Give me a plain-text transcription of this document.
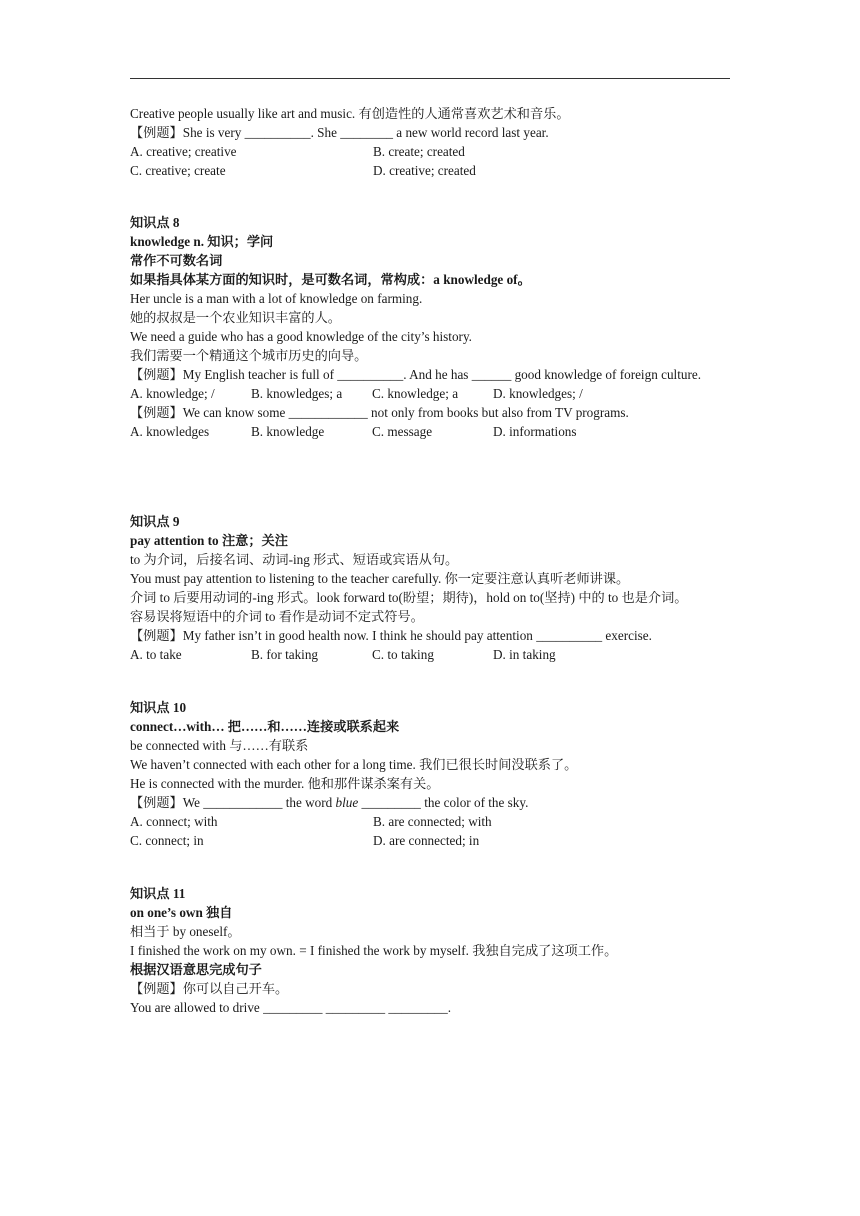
Creative people usually like art and music. 有创造性的人通常喜欢艺术和音乐。
【例题】She is very __________. She ________ a new world record last year.
A. creative; creative	B. create; created
C. creative; create	D. creative; created
知识点 8
knowledge n. 知识；学问
常作不可数名词
如果指具体某方面的知识时，是可数名词，常构成：a knowledge of。
Her uncle is a man with a lot of knowledge on farming.
她的叔叔是一个农业知识丰富的人。
We need a guide who has a good knowledge of the city’s history.
我们需要一个精通这个城市历史的向导。
【例题】My English teacher is full of __________. And he has ______ good knowledge of foreign culture.
A. knowledge; /	B. knowledges; a	C. knowledge; a	D. knowledges; /
【例题】We can know some ____________ not only from books but also from TV programs.
A. knowledges	B. knowledge	C. message	D. informations
知识点 9
pay attention to 注意；关注
to 为介词，后接名词、动词-ing 形式、短语或宾语从句。
You must pay attention to listening to the teacher carefully. 你一定要注意认真听老师讲课。
介词 to 后要用动词的-ing 形式。look forward to(盼望；期待)，hold on to(坚持) 中的 to 也是介词。
容易误将短语中的介词 to 看作是动词不定式符号。
【例题】My father isn’t in good health now. I think he should pay attention __________ exercise.
A. to take	B. for taking	C. to taking	D. in taking
知识点 10
connect…with… 把……和……连接或联系起来
be connected with 与……有联系
We haven’t connected with each other for a long time. 我们已很长时间没联系了。
He is connected with the murder. 他和那件谋杀案有关。
【例题】We ____________ the word blue _________ the color of the sky.
A. connect; with	B. are connected; with
C. connect; in	D. are connected; in
知识点 11
on one’s own 独自
相当于 by oneself。
I finished the work on my own. = I finished the work by myself. 我独自完成了这项工作。
根据汉语意思完成句子
【例题】你可以自己开车。
You are allowed to drive _________ _________ _________.
